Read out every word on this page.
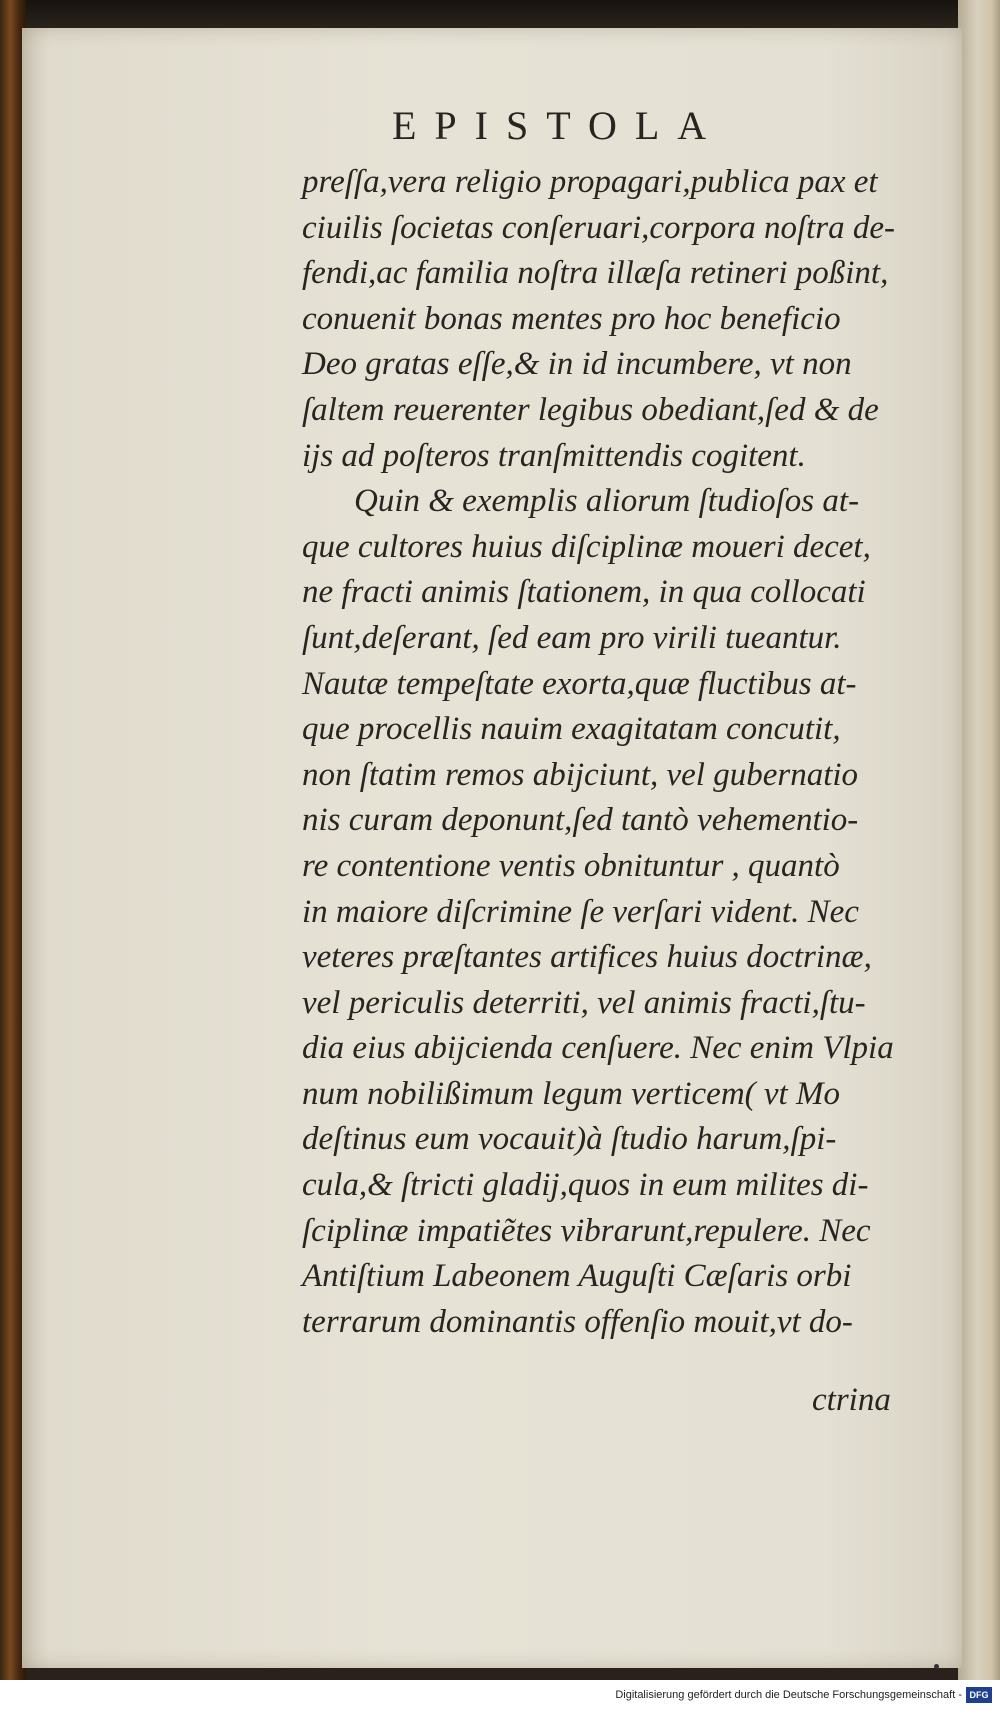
EPISTOLA
preſſa,vera religio propagari,publica pax et
ciuilis ſocietas conſeruari,corpora noſtra de-
fendi,ac familia noſtra illæſa retineri poßint,
conuenit bonas mentes pro hoc beneficio
Deo gratas eſſe,& in id incumbere, vt non
ſaltem reuerenter legibus obediant,ſed & de
ijs ad poſteros tranſmittendis cogitent.
Quin & exemplis aliorum ſtudioſos at-
que cultores huius diſciplinæ moueri decet,
ne fracti animis ſtationem, in qua collocati
ſunt,deſerant, ſed eam pro virili tueantur.
Nautæ tempeſtate exorta,quæ fluctibus at-
que procellis nauim exagitatam concutit,
non ſtatim remos abijciunt, vel gubernatio
nis curam deponunt,ſed tantò vehementio-
re contentione ventis obnituntur , quantò
in maiore diſcrimine ſe verſari vident. Nec
veteres præſtantes artifices huius doctrinæ,
vel periculis deterriti, vel animis fracti,ſtu-
dia eius abijcienda cenſuere. Nec enim Vlpia
num nobilißimum legum verticem( vt Mo
deſtinus eum vocauit)à ſtudio harum,ſpi-
cula,& ſtricti gladij,quos in eum milites di-
ſciplinæ impatiẽtes vibrarunt,repulere. Nec
Antiſtium Labeonem Auguſti Cæſaris orbi
terrarum dominantis offenſio mouit,vt do-
ctrina
Digitalisierung gefördert durch die Deutsche Forschungsgemeinschaft - DFG
